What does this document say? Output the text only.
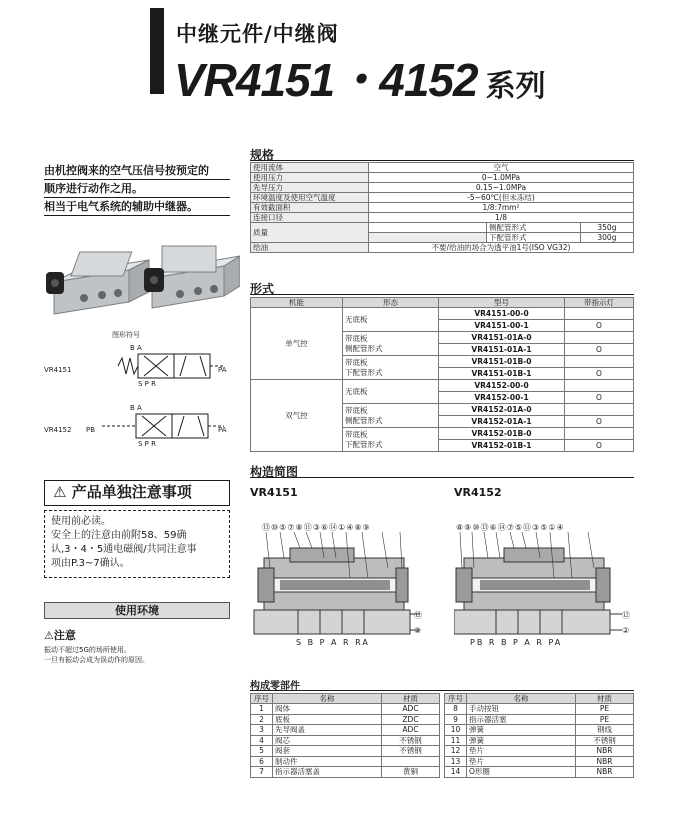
中继元件/中继阀
VR4151・4152 系列
由机控阀来的空气压信号按预定的
顺序进行动作之用。
相当于电气系统的辅助中继器。
图形符号
VR4151
B A
S P R
PA
VR4152 PB
B A
S P R
PA
⚠ 产品单独注意事项
使用前必读。
安全上的注意由前附58、59确
认,3・4・5通电磁阀/共同注意事
项由P.3~7确认。
使用环境
⚠注意
振动不超过5G的场所使用。
一旦有振动会成为误动作的原因。
规格
使用流体	空气		
使用压力	0~1.0MPa		
先导压力	0.15~1.0MPa		
环境温度及使用空气温度	-5~60℃(但未冻结)		
有效截面积	1/8:7mm²		
连接口径	1/8		
质量		侧配管形式	350g
		下配管形式	300g
给油	不要/给油的场合为透平油1号(ISO VG32)		
形式
机能	形态	型号	带指示灯
单气控	无底板	VR4151-00-0	
		VR4151-00-1	O
	带底板
侧配管形式	VR4151-01A-0	
		VR4151-01A-1	O
	带底板
下配管形式	VR4151-01B-0	
		VR4151-01B-1	O
双气控	无底板	VR4152-00-0	
		VR4152-00-1	O
	带底板
侧配管形式	VR4152-01A-0	
		VR4152-01A-1	O
	带底板
下配管形式	VR4152-01B-0	
		VR4152-01B-1	O
构造简图
VR4151	VR4152
⑬⑩⑤⑦⑧⑪③⑥⑭①④⑧⑨
⑫
②
S B P A R RA
⑧⑨⑩⑬⑥⑭⑦⑤⑪③⑤①④
⑫
②
PB R B P A R PA
构成零部件
序号	名称	材质
1	阀体	ADC
2	底板	ZDC
3	先导阀盖	ADC
4	阀芯	不锈钢
5	阀套	不锈钢
6	制动件	
7	指示器活塞盖	黄铜
序号	名称	材质
8	手动按钮	PE
9	指示器活塞	PE
10	弹簧	钢线
11	弹簧	不锈钢
12	垫片	NBR
13	垫片	NBR
14	O形圈	NBR
